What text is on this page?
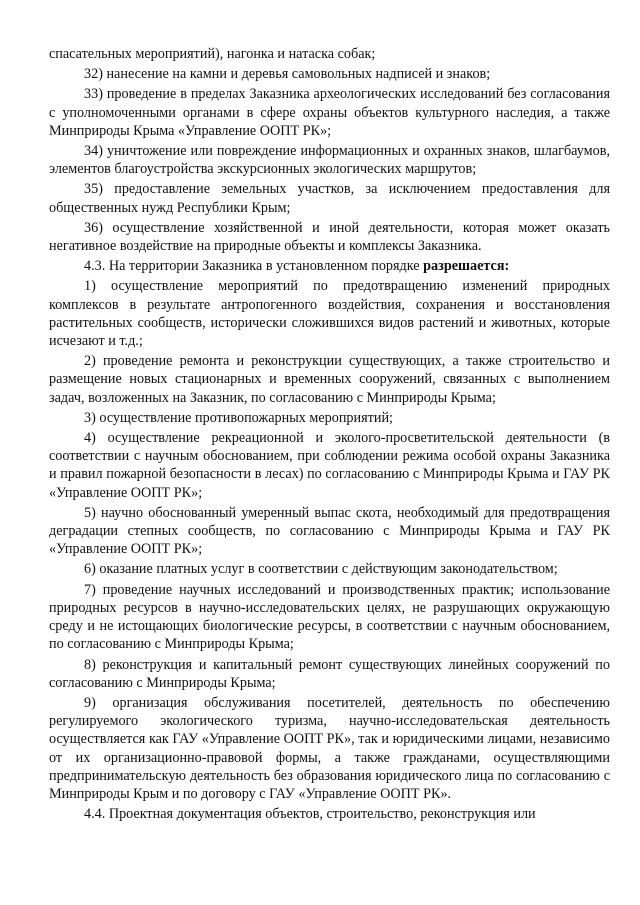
спасательных мероприятий), нагонка и натаска собак;

32) нанесение на камни и деревья самовольных надписей и знаков;

33) проведение в пределах Заказника археологических исследований без согласования с уполномоченными органами в сфере охраны объектов культурного наследия, а также Минприроды Крыма «Управление ООПТ РК»;

34) уничтожение или повреждение информационных и охранных знаков, шлагбаумов, элементов благоустройства экскурсионных экологических маршрутов;

35) предоставление земельных участков, за исключением предоставления для общественных нужд Республики Крым;

36) осуществление хозяйственной и иной деятельности, которая может оказать негативное воздействие на природные объекты и комплексы Заказника.

4.3. На территории Заказника в установленном порядке разрешается:

1) осуществление мероприятий по предотвращению изменений природных комплексов в результате антропогенного воздействия, сохранения и восстановления растительных сообществ, исторически сложившихся видов растений и животных, которые исчезают и т.д.;

2) проведение ремонта и реконструкции существующих, а также строительство и размещение новых стационарных и временных сооружений, связанных с выполнением задач, возложенных на Заказник, по согласованию с Минприроды Крыма;

3) осуществление противопожарных мероприятий;

4) осуществление рекреационной и эколого-просветительской деятельности (в соответствии с научным обоснованием, при соблюдении режима особой охраны Заказника и правил пожарной безопасности в лесах) по согласованию с Минприроды Крыма и ГАУ РК «Управление ООПТ РК»;

5) научно обоснованный умеренный выпас скота, необходимый для предотвращения деградации степных сообществ, по согласованию с Минприроды Крыма и ГАУ РК «Управление ООПТ РК»;

6) оказание платных услуг в соответствии с действующим законодательством;

7) проведение научных исследований и производственных практик; использование природных ресурсов в научно-исследовательских целях, не разрушающих окружающую среду и не истощающих биологические ресурсы, в соответствии с научным обоснованием, по согласованию с Минприроды Крыма;

8) реконструкция и капитальный ремонт существующих линейных сооружений по согласованию с Минприроды Крыма;

9) организация обслуживания посетителей, деятельность по обеспечению регулируемого экологического туризма, научно-исследовательская деятельность осуществляется как ГАУ «Управление ООПТ РК», так и юридическими лицами, независимо от их организационно-правовой формы, а также гражданами, осуществляющими предпринимательскую деятельность без образования юридического лица по согласованию с Минприроды Крым и по договору с ГАУ «Управление ООПТ РК».

4.4. Проектная документация объектов, строительство, реконструкция или
